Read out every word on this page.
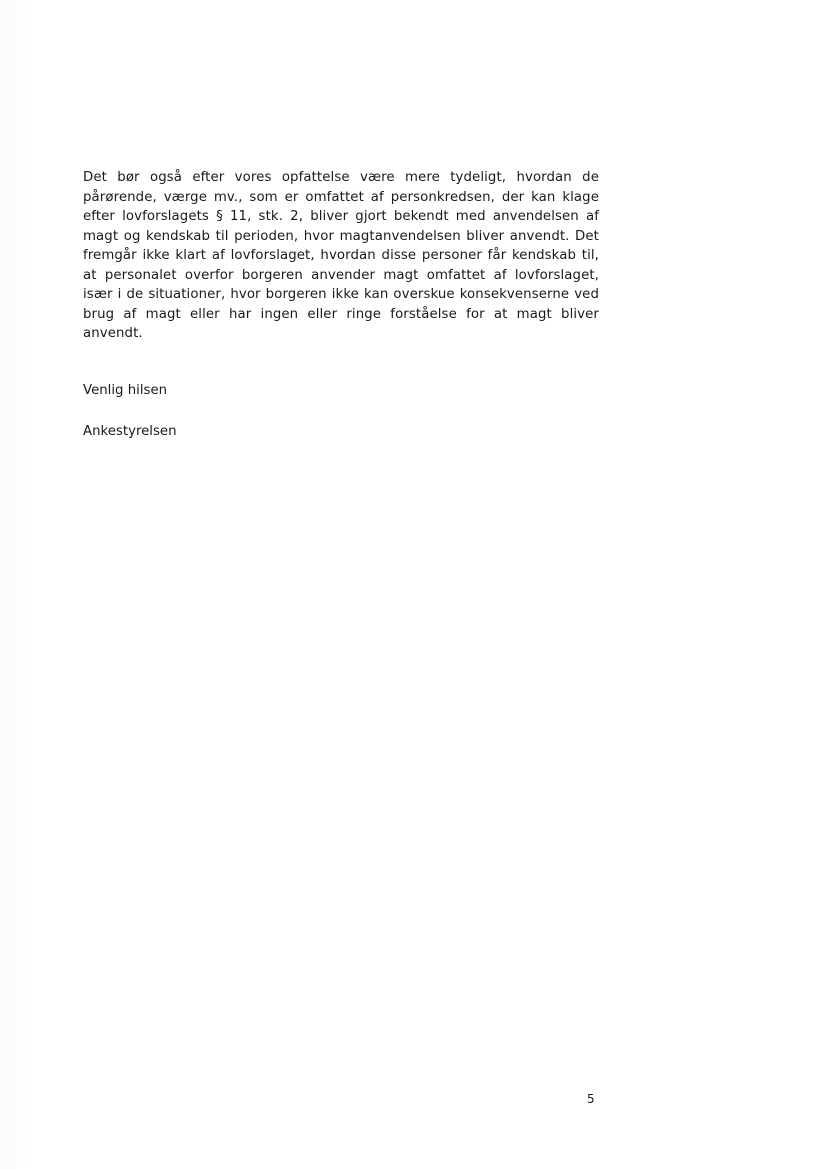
Det bør også efter vores opfattelse være mere tydeligt, hvordan de pårørende, værge mv., som er omfattet af personkredsen, der kan klage efter lovforslagets § 11, stk. 2, bliver gjort bekendt med anvendelsen af magt og kendskab til perioden, hvor magtanvendelsen bliver anvendt. Det fremgår ikke klart af lovforslaget, hvordan disse personer får kendskab til, at personalet overfor borgeren anvender magt omfattet af lovforslaget, især i de situationer, hvor borgeren ikke kan overskue konsekvenserne ved brug af magt eller har ingen eller ringe forståelse for at magt bliver anvendt.

Venlig hilsen

Ankestyrelsen

5
